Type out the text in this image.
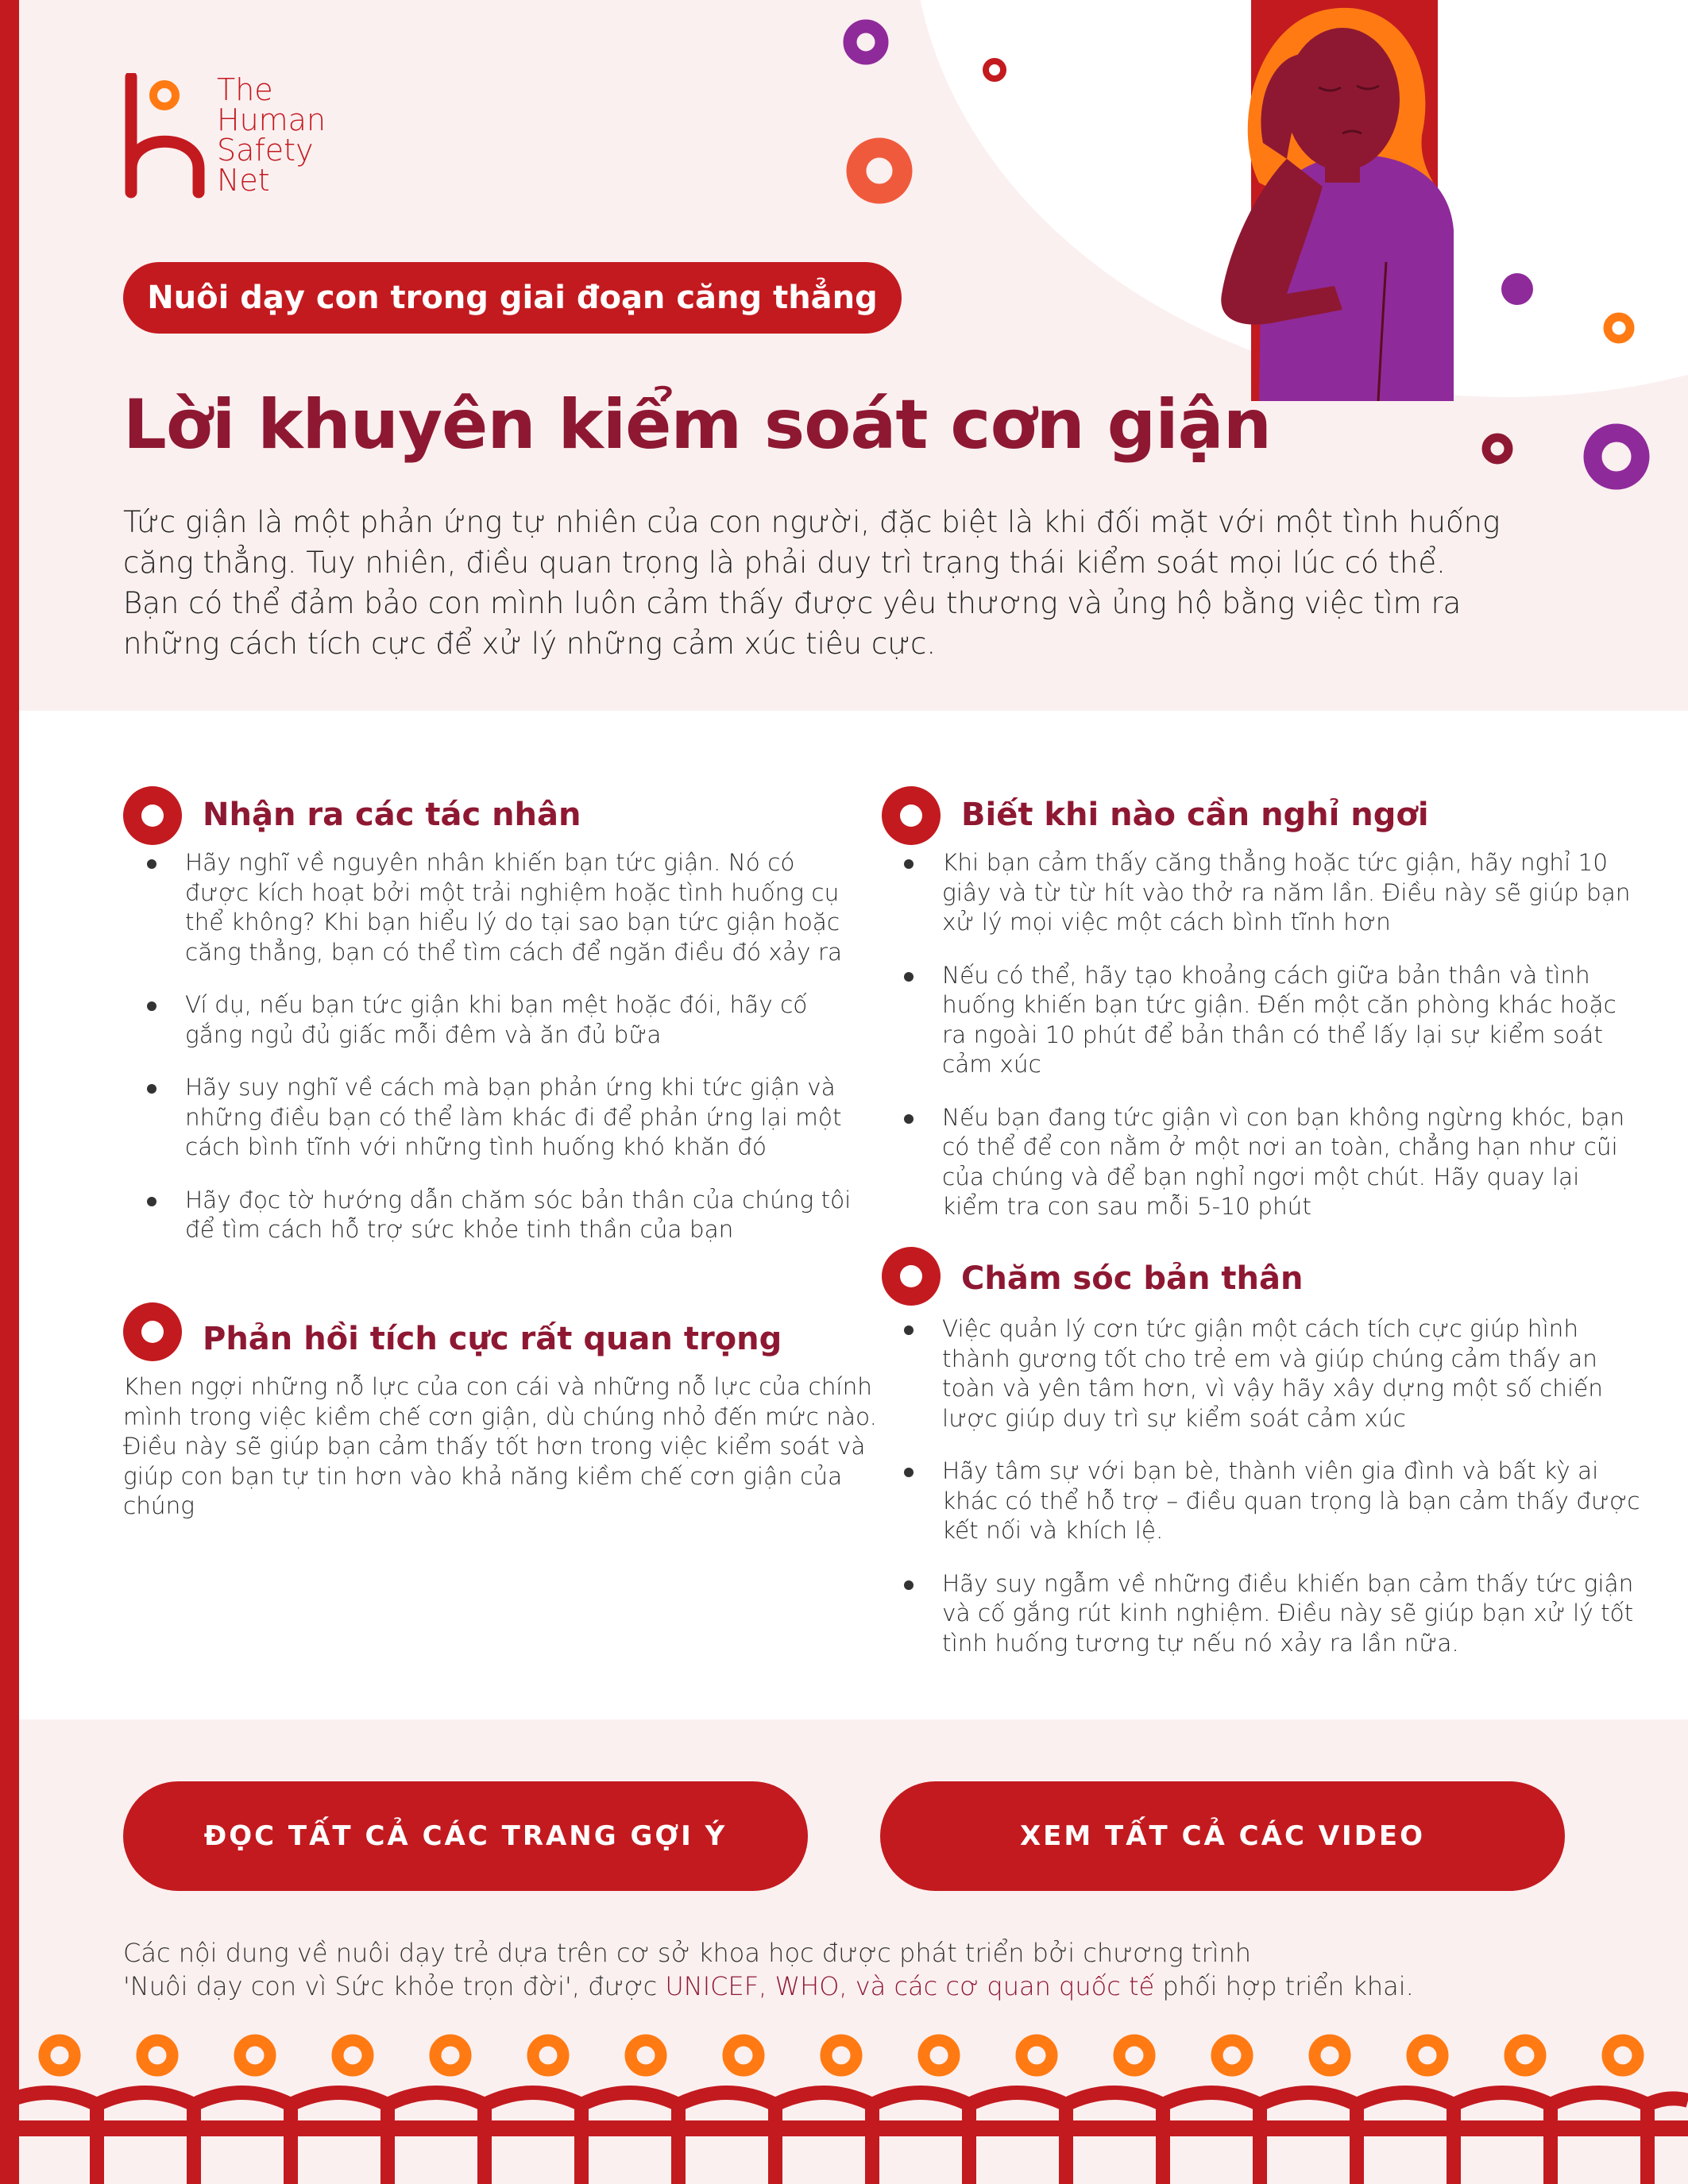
The
Human
Safety
Net
Nuôi dạy con trong giai đoạn căng thẳng
Lời khuyên kiểm soát cơn giận
Tức giận là một phản ứng tự nhiên của con người, đặc biệt là khi đối mặt với một tình huống căng thẳng. Tuy nhiên, điều quan trọng là phải duy trì trạng thái kiểm soát mọi lúc có thể. Bạn có thể đảm bảo con mình luôn cảm thấy được yêu thương và ủng hộ bằng việc tìm ra những cách tích cực để xử lý những cảm xúc tiêu cực.
Nhận ra các tác nhân
Hãy nghĩ về nguyên nhân khiến bạn tức giận. Nó có được kích hoạt bởi một trải nghiệm hoặc tình huống cụ thể không? Khi bạn hiểu lý do tại sao bạn tức giận hoặc căng thẳng, bạn có thể tìm cách để ngăn điều đó xảy ra
Ví dụ, nếu bạn tức giận khi bạn mệt hoặc đói, hãy cố gắng ngủ đủ giấc mỗi đêm và ăn đủ bữa
Hãy suy nghĩ về cách mà bạn phản ứng khi tức giận và những điều bạn có thể làm khác đi để phản ứng lại một cách bình tĩnh với những tình huống khó khăn đó
Hãy đọc tờ hướng dẫn chăm sóc bản thân của chúng tôi để tìm cách hỗ trợ sức khỏe tinh thần của bạn
Phản hồi tích cực rất quan trọng
Khen ngợi những nỗ lực của con cái và những nỗ lực của chính mình trong việc kiềm chế cơn giận, dù chúng nhỏ đến mức nào. Điều này sẽ giúp bạn cảm thấy tốt hơn trong việc kiểm soát và giúp con bạn tự tin hơn vào khả năng kiềm chế cơn giận của chúng
Biết khi nào cần nghỉ ngơi
Khi bạn cảm thấy căng thẳng hoặc tức giận, hãy nghỉ 10 giây và từ từ hít vào thở ra năm lần. Điều này sẽ giúp bạn xử lý mọi việc một cách bình tĩnh hơn
Nếu có thể, hãy tạo khoảng cách giữa bản thân và tình huống khiến bạn tức giận. Đến một căn phòng khác hoặc ra ngoài 10 phút để bản thân có thể lấy lại sự kiểm soát cảm xúc
Nếu bạn đang tức giận vì con bạn không ngừng khóc, bạn có thể để con nằm ở một nơi an toàn, chẳng hạn như cũi của chúng và để bạn nghỉ ngơi một chút. Hãy quay lại kiểm tra con sau mỗi 5-10 phút
Chăm sóc bản thân
Việc quản lý cơn tức giận một cách tích cực giúp hình thành gương tốt cho trẻ em và giúp chúng cảm thấy an toàn và yên tâm hơn, vì vậy hãy xây dựng một số chiến lược giúp duy trì sự kiểm soát cảm xúc
Hãy tâm sự với bạn bè, thành viên gia đình và bất kỳ ai khác có thể hỗ trợ – điều quan trọng là bạn cảm thấy được kết nối và khích lệ.
Hãy suy ngẫm về những điều khiến bạn cảm thấy tức giận và cố gắng rút kinh nghiệm. Điều này sẽ giúp bạn xử lý tốt tình huống tương tự nếu nó xảy ra lần nữa.
ĐỌC TẤT CẢ CÁC TRANG GỢI Ý	XEM TẤT CẢ CÁC VIDEO
Các nội dung về nuôi dạy trẻ dựa trên cơ sở khoa học được phát triển bởi chương trình
'Nuôi dạy con vì Sức khỏe trọn đời', được UNICEF, WHO, và các cơ quan quốc tế phối hợp triển khai.
